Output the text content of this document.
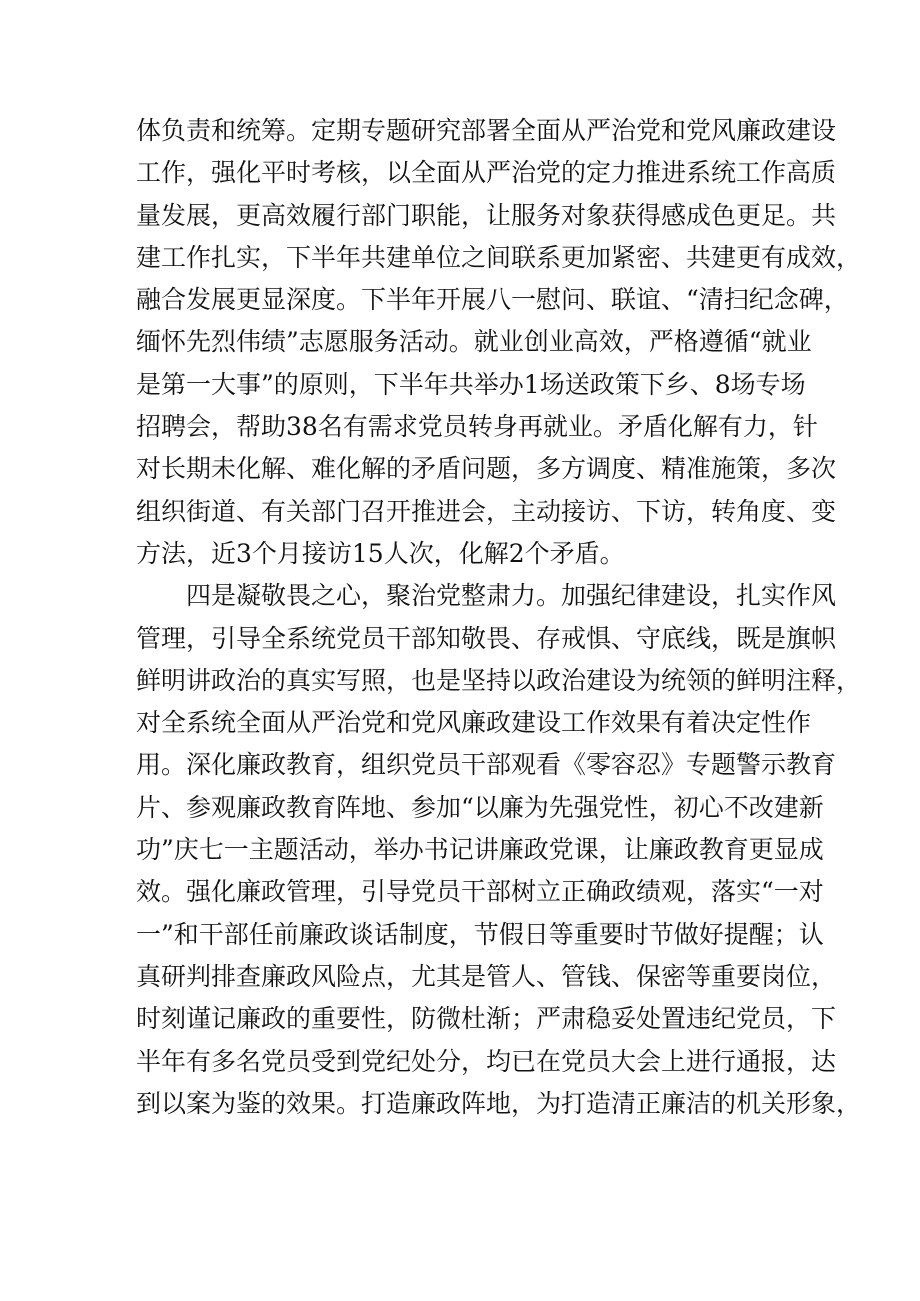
体负责和统筹。定期专题研究部署全面从严治党和党风廉政建设
工作，强化平时考核，以全面从严治党的定力推进系统工作高质
量发展，更高效履行部门职能，让服务对象获得感成色更足。共
建工作扎实，下半年共建单位之间联系更加紧密、共建更有成效，
融合发展更显深度。下半年开展八一慰问、联谊、“清扫纪念碑，
缅怀先烈伟绩”志愿服务活动。就业创业高效，严格遵循“就业
是第一大事”的原则，下半年共举办1场送政策下乡、8场专场
招聘会，帮助38名有需求党员转身再就业。矛盾化解有力，针
对长期未化解、难化解的矛盾问题，多方调度、精准施策，多次
组织街道、有关部门召开推进会，主动接访、下访，转角度、变
方法，近3个月接访15人次，化解2个矛盾。
四是凝敬畏之心，聚治党整肃力。加强纪律建设，扎实作风
管理，引导全系统党员干部知敬畏、存戒惧、守底线，既是旗帜
鲜明讲政治的真实写照，也是坚持以政治建设为统领的鲜明注释，
对全系统全面从严治党和党风廉政建设工作效果有着决定性作
用。深化廉政教育，组织党员干部观看《零容忍》专题警示教育
片、参观廉政教育阵地、参加“以廉为先强党性，初心不改建新
功”庆七一主题活动，举办书记讲廉政党课，让廉政教育更显成
效。强化廉政管理，引导党员干部树立正确政绩观，落实“一对
一”和干部任前廉政谈话制度，节假日等重要时节做好提醒；认
真研判排查廉政风险点，尤其是管人、管钱、保密等重要岗位，
时刻谨记廉政的重要性，防微杜渐；严肃稳妥处置违纪党员，下
半年有多名党员受到党纪处分，均已在党员大会上进行通报，达
到以案为鉴的效果。打造廉政阵地，为打造清正廉洁的机关形象，
